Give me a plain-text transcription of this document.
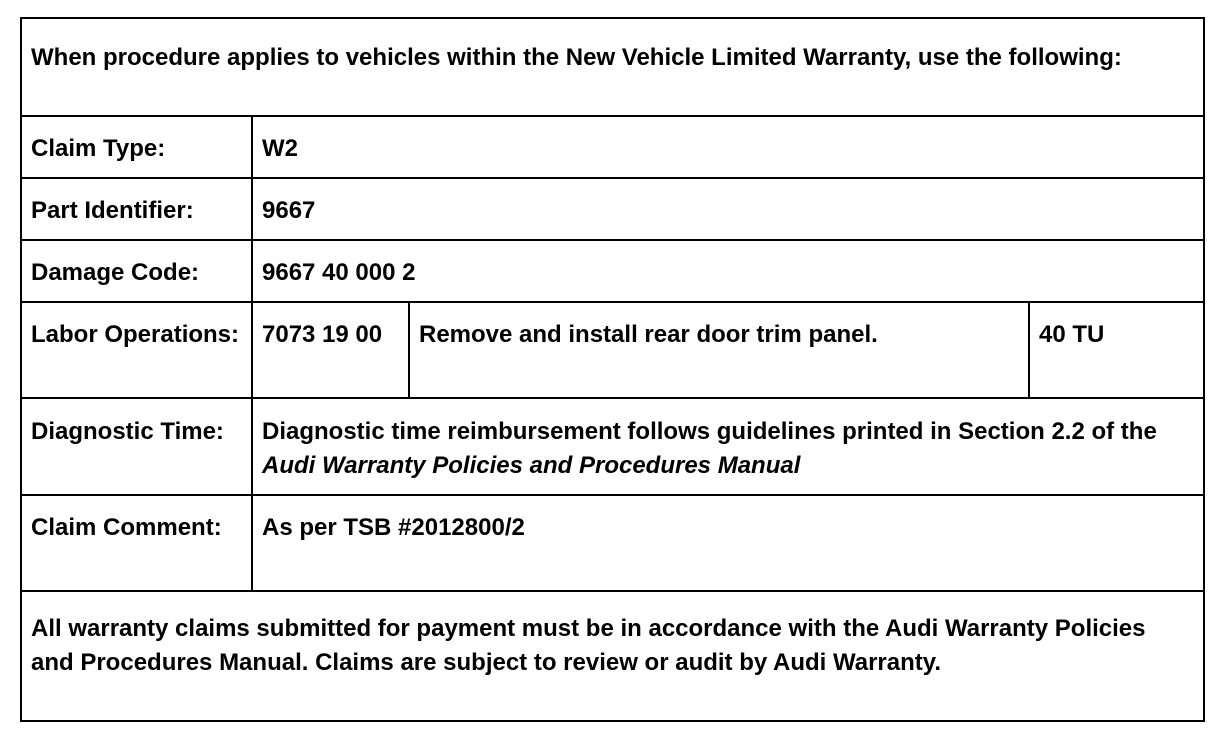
When procedure applies to vehicles within the New Vehicle Limited Warranty, use the following:			
Claim Type:	W2		
Part Identifier:	9667		
Damage Code:	9667 40 000 2		
Labor Operations:	7073 19 00	Remove and install rear door trim panel.	40 TU
Diagnostic Time:	Diagnostic time reimbursement follows guidelines printed in Section 2.2 of the Audi Warranty Policies and Procedures Manual		
Claim Comment:	As per TSB #2012800/2		
All warranty claims submitted for payment must be in accordance with the Audi Warranty Policies and Procedures Manual. Claims are subject to review or audit by Audi Warranty.			
